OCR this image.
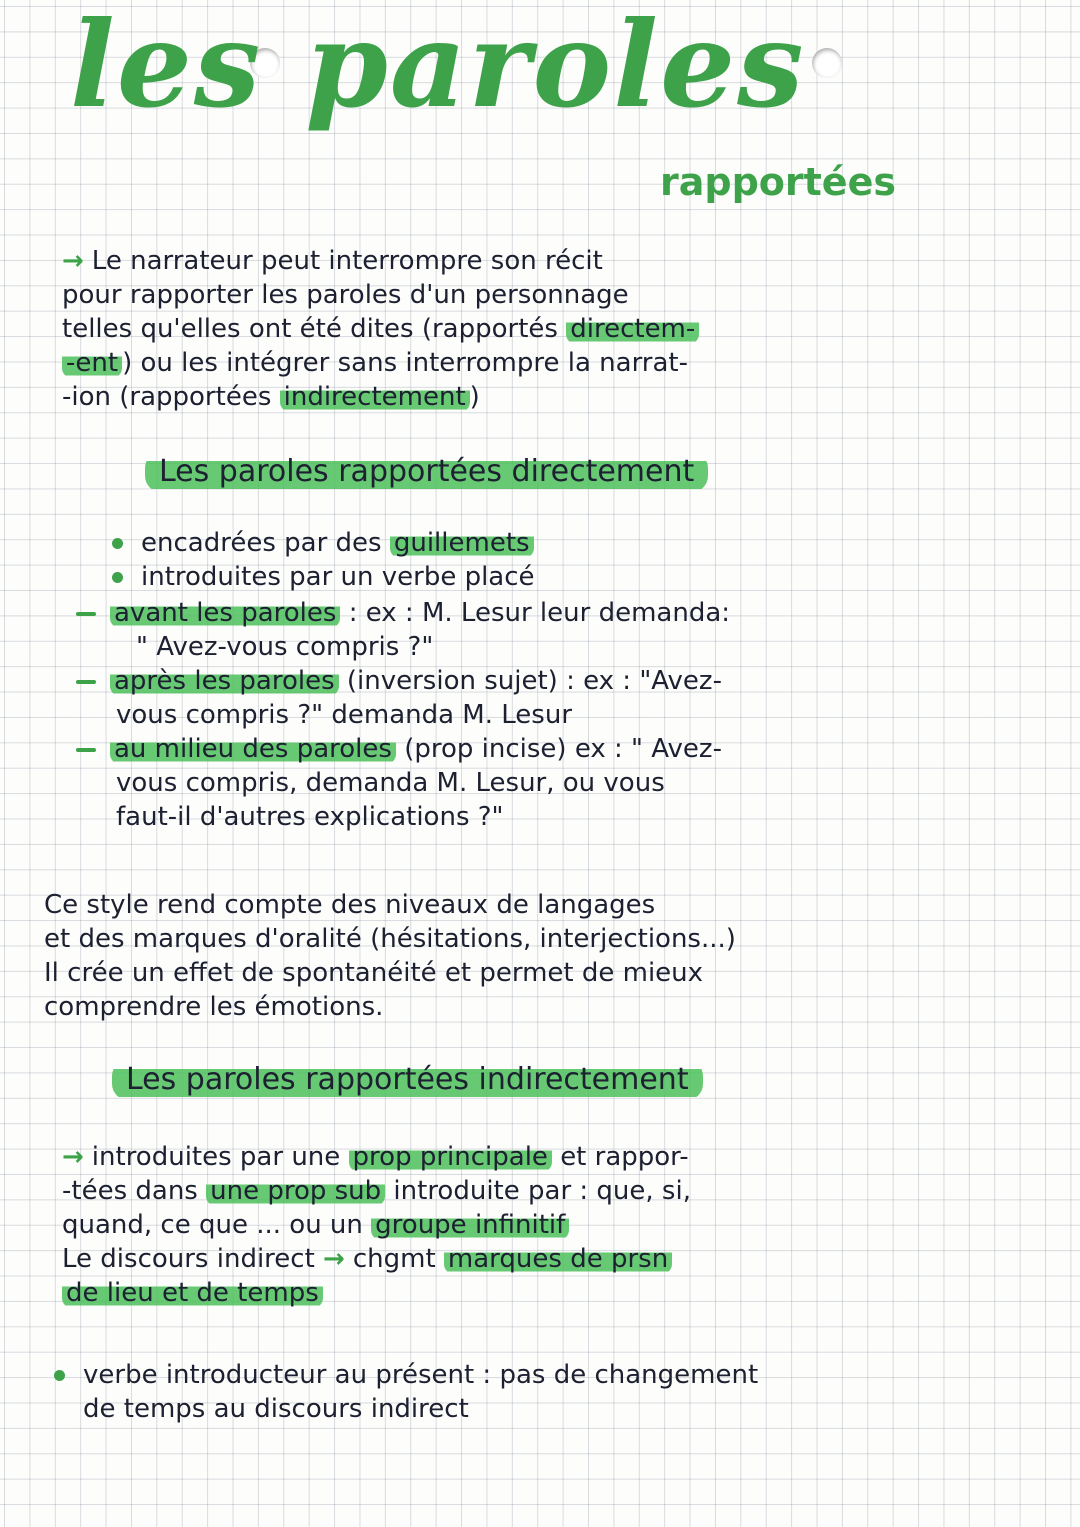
les paroles
rapportées
→ Le narrateur peut interrompre son récit
pour rapporter les paroles d'un personnage
telles qu'elles ont été dites (rapportés directem-
-ent ) ou les intégrer sans interrompre la narrat-
-ion (rapportées indirectement )
Les paroles rapportées directement
encadrées par des guillemets
introduites par un verbe placé
avant les paroles : ex : M. Lesur leur demanda:
" Avez-vous compris ?"
après les paroles (inversion sujet) : ex : "Avez-
vous compris ?" demanda M. Lesur
au milieu des paroles (prop incise) ex : " Avez-
vous compris, demanda M. Lesur, ou vous
faut-il d'autres explications ?"
Ce style rend compte des niveaux de langages
et des marques d'oralité (hésitations, interjections...)
Il crée un effet de spontanéité et permet de mieux
comprendre les émotions.
Les paroles rapportées indirectement
→ introduites par une prop principale et rappor-
-tées dans une prop sub introduite par : que, si,
quand, ce que ... ou un groupe infinitif
Le discours indirect → chgmt marques de prsn
de lieu et de temps
verbe introducteur au présent : pas de changement
de temps au discours indirect
